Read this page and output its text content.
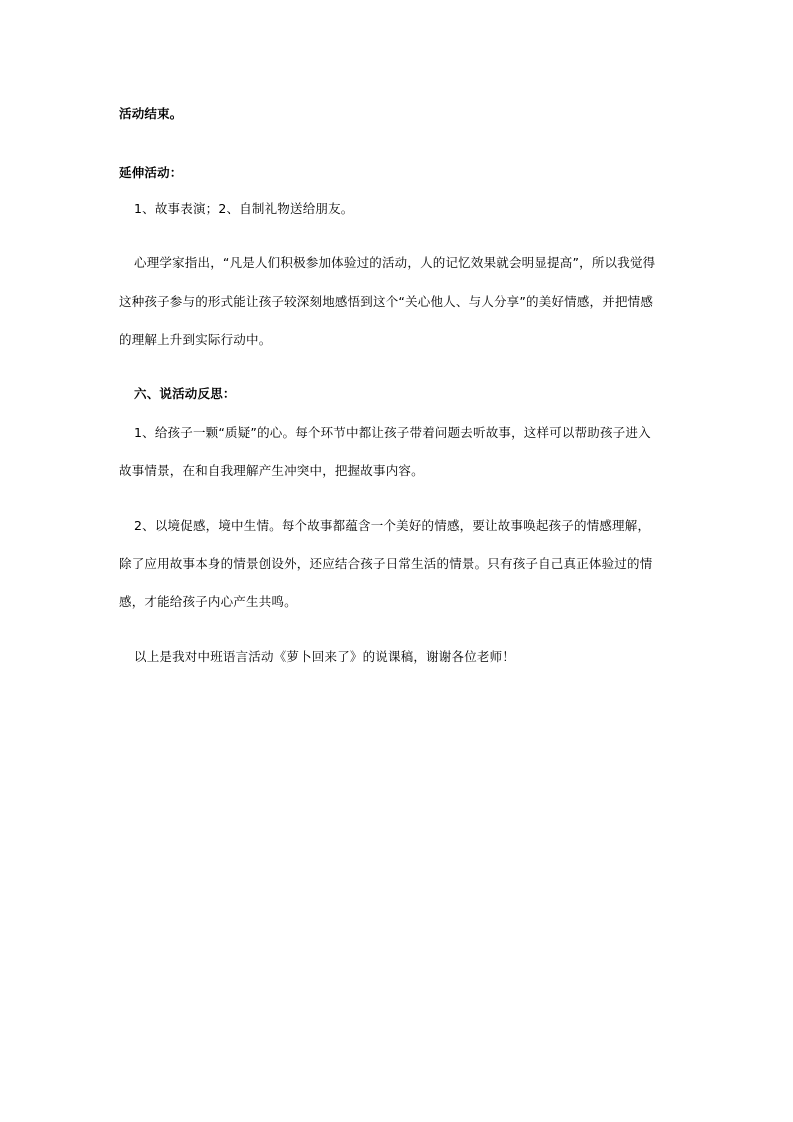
活动结束。
延伸活动：
1、故事表演；2、自制礼物送给朋友。
心理学家指出，“凡是人们积极参加体验过的活动，人的记忆效果就会明显提高”，所以我觉得
这种孩子参与的形式能让孩子较深刻地感悟到这个“关心他人、与人分享”的美好情感，并把情感
的理解上升到实际行动中。
六、说活动反思：
1、给孩子一颗“质疑”的心。每个环节中都让孩子带着问题去听故事，这样可以帮助孩子进入
故事情景，在和自我理解产生冲突中，把握故事内容。
2、以境促感，境中生情。每个故事都蕴含一个美好的情感，要让故事唤起孩子的情感理解，
除了应用故事本身的情景创设外，还应结合孩子日常生活的情景。只有孩子自己真正体验过的情
感，才能给孩子内心产生共鸣。
以上是我对中班语言活动《萝卜回来了》的说课稿，谢谢各位老师！
